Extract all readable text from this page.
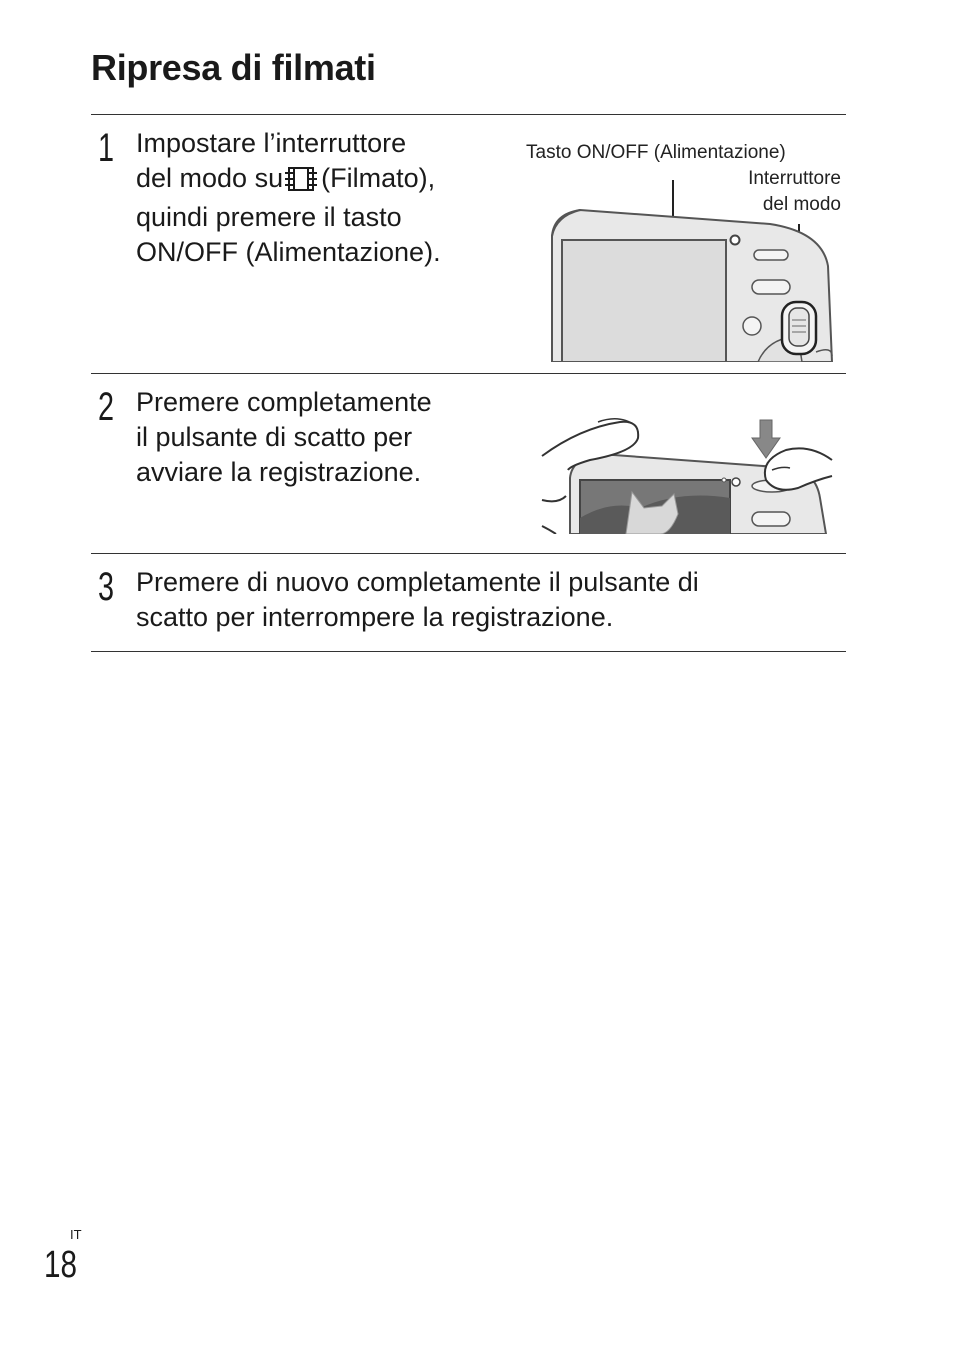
Ripresa di filmati
1 Impostare l’interruttore
del modo su (Filmato),
quindi premere il tasto
ON/OFF (Alimentazione).
Tasto ON/OFF (Alimentazione)
Interruttore
del modo
2 Premere completamente
il pulsante di scatto per
avviare la registrazione.
3 Premere di nuovo completamente il pulsante di
scatto per interrompere la registrazione.
IT
18
